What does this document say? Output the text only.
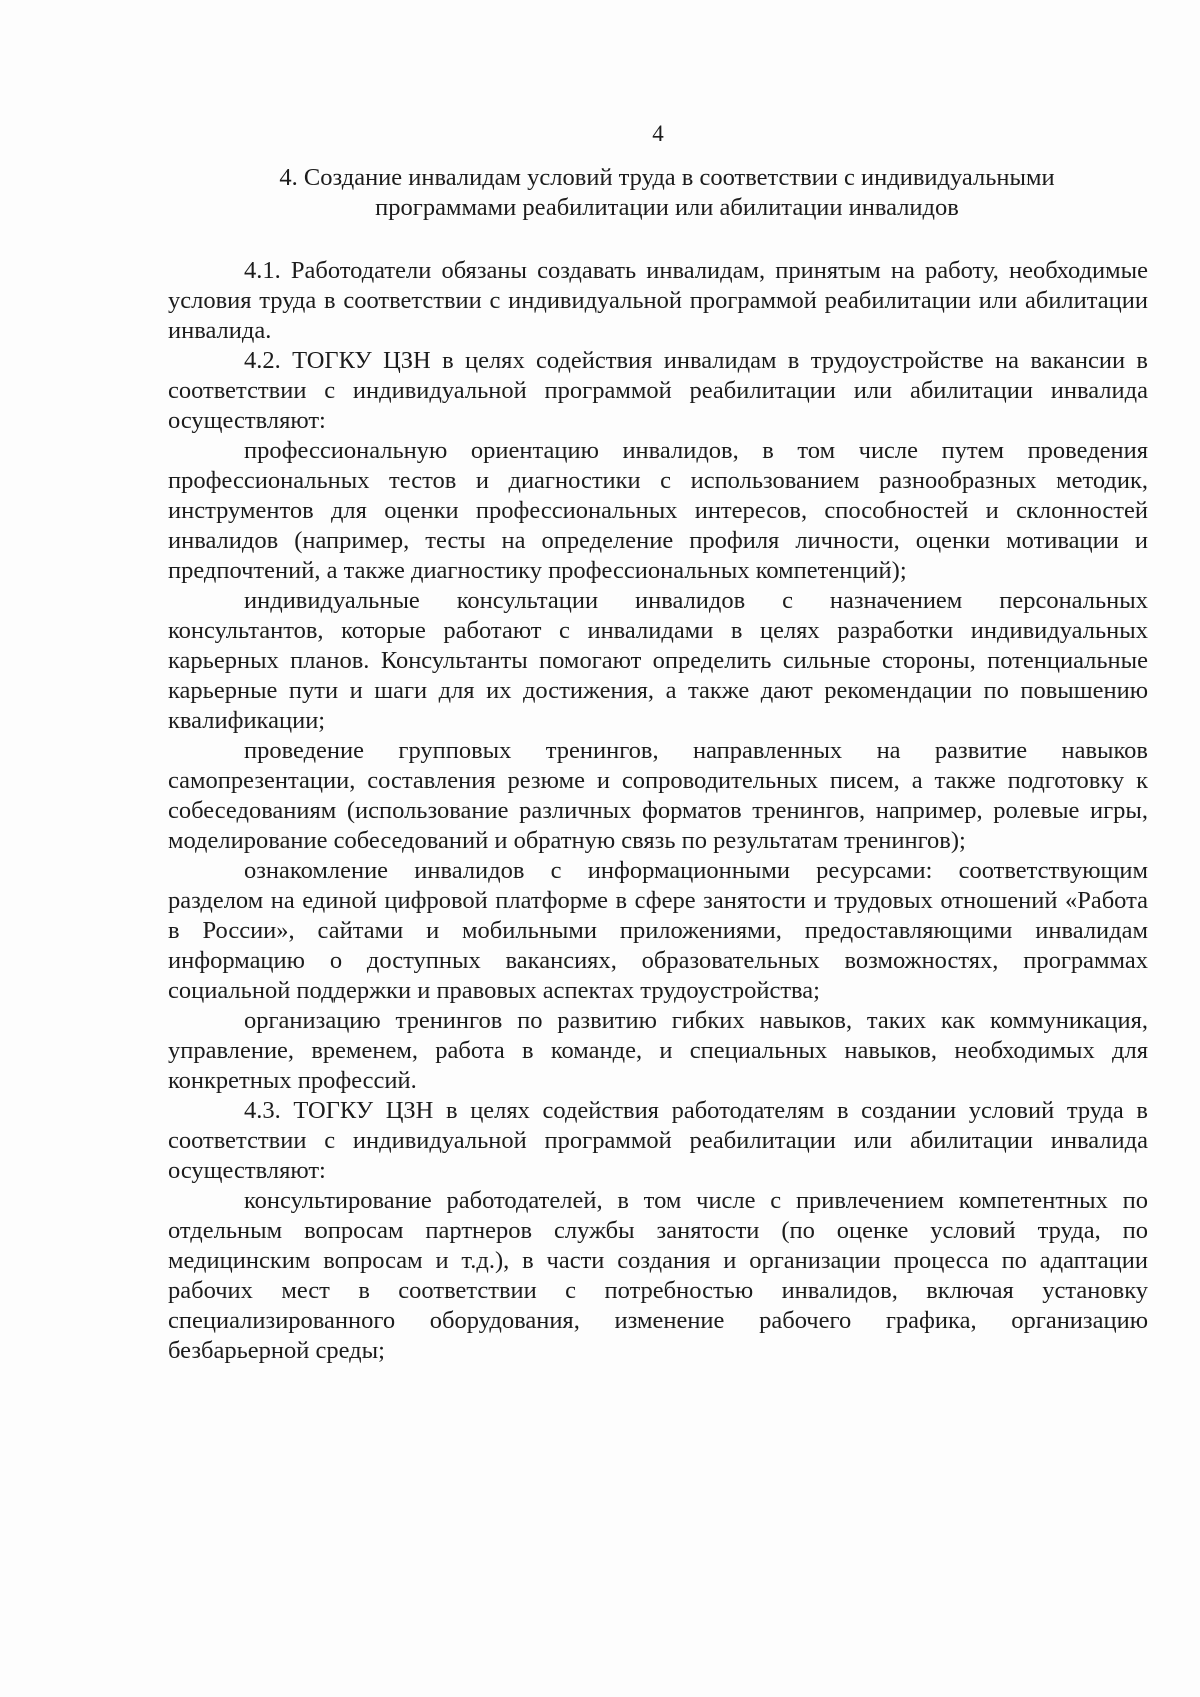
4
4. Создание инвалидам условий труда в соответствии с индивидуальными
программами реабилитации или абилитации инвалидов

4.1. Работодатели обязаны создавать инвалидам, принятым на работу, необходимые условия труда в соответствии с индивидуальной программой реабилитации или абилитации инвалида.

4.2. ТОГКУ ЦЗН в целях содействия инвалидам в трудоустройстве на вакансии в соответствии с индивидуальной программой реабилитации или абилитации инвалида осуществляют:

профессиональную ориентацию инвалидов, в том числе путем проведения профессиональных тестов и диагностики с использованием разнообразных методик, инструментов для оценки профессиональных интересов, способностей и склонностей инвалидов (например, тесты на определение профиля личности, оценки мотивации и предпочтений, а также диагностику профессиональных компетенций);

индивидуальные консультации инвалидов с назначением персональных консультантов, которые работают с инвалидами в целях разработки индивидуальных карьерных планов. Консультанты помогают определить сильные стороны, потенциальные карьерные пути и шаги для их достижения, а также дают рекомендации по повышению квалификации;

проведение групповых тренингов, направленных на развитие навыков самопрезентации, составления резюме и сопроводительных писем, а также подготовку к собеседованиям (использование различных форматов тренингов, например, ролевые игры, моделирование собеседований и обратную связь по результатам тренингов);

ознакомление инвалидов с информационными ресурсами: соответствующим разделом на единой цифровой платформе в сфере занятости и трудовых отношений «Работа в России», сайтами и мобильными приложениями, предоставляющими инвалидам информацию о доступных вакансиях, образовательных возможностях, программах социальной поддержки и правовых аспектах трудоустройства;

организацию тренингов по развитию гибких навыков, таких как коммуникация, управление, временем, работа в команде, и специальных навыков, необходимых для конкретных профессий.

4.3. ТОГКУ ЦЗН в целях содействия работодателям в создании условий труда в соответствии с индивидуальной программой реабилитации или абилитации инвалида осуществляют:

консультирование работодателей, в том числе с привлечением компетентных по отдельным вопросам партнеров службы занятости (по оценке условий труда, по медицинским вопросам и т.д.), в части создания и организации процесса по адаптации рабочих мест в соответствии с потребностью инвалидов, включая установку специализированного оборудования, изменение рабочего графика, организацию безбарьерной среды;
